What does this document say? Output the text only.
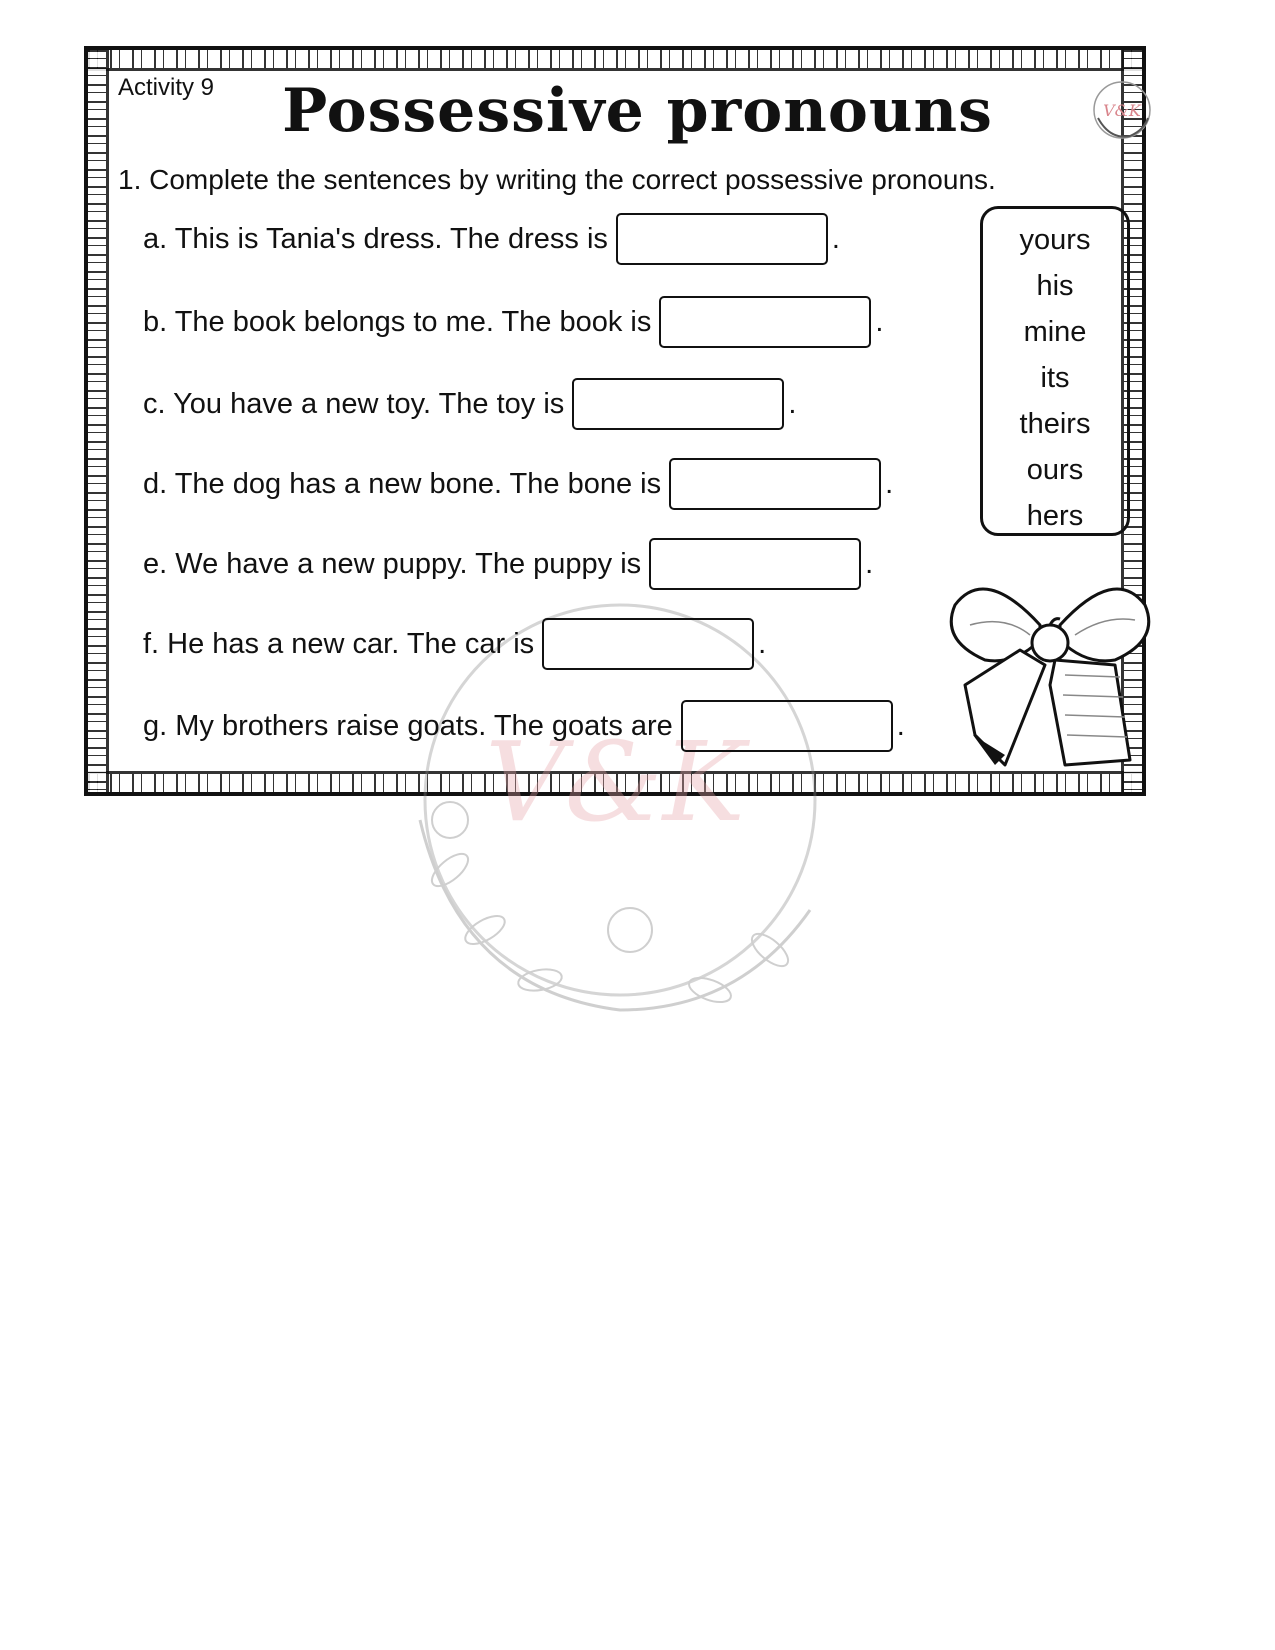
V&K
Activity 9	Possessive pronouns	V&K
1. Complete the sentences by writing the correct possessive pronouns.
a. This is Tania's dress. The dress is	.
b. The book belongs to me. The book is	.
c. You have a new toy. The toy is	.
d. The dog has a new bone. The bone is	.
e. We have a new puppy. The puppy is	.
f. He has a new car. The car is	.
g. My brothers raise goats. The goats are	.
yours
his
mine
its
theirs
ours
hers
